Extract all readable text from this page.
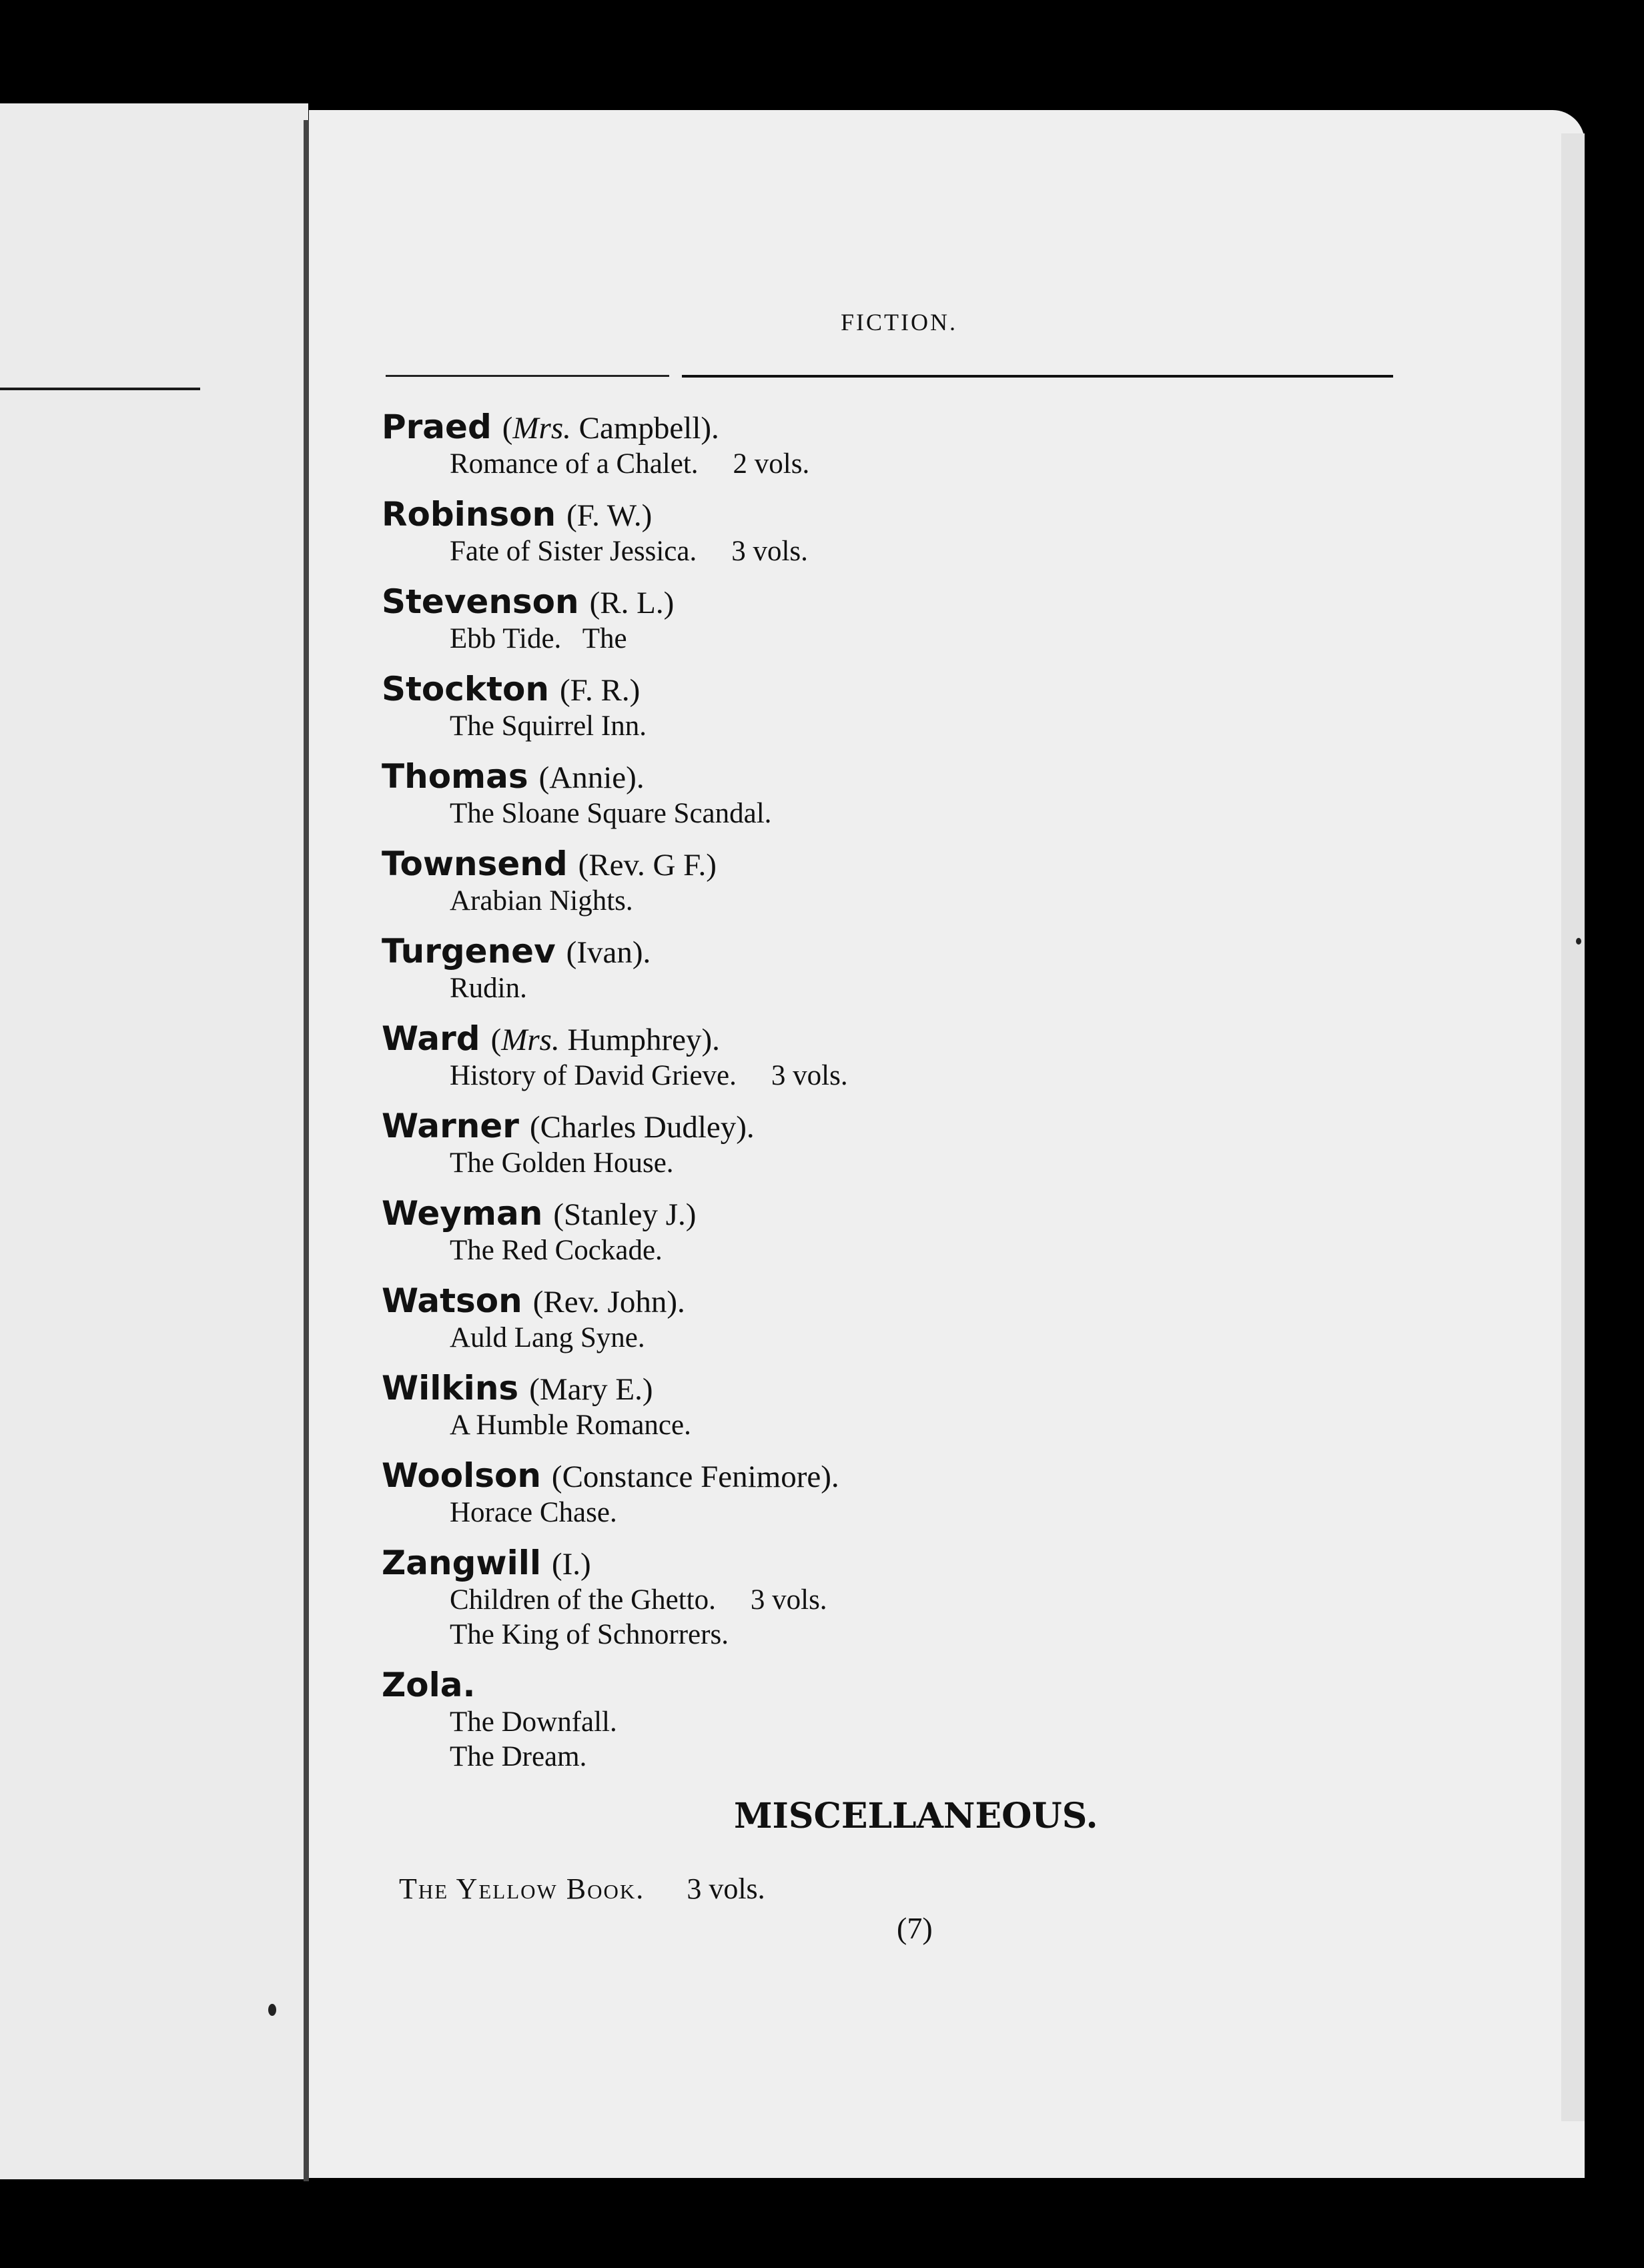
FICTION.
Praed (Mrs. Campbell).
Romance of a Chalet. 2 vols.
Robinson (F. W.)
Fate of Sister Jessica. 3 vols.
Stevenson (R. L.)
Ebb Tide.   The
Stockton (F. R.)
The Squirrel Inn.
Thomas (Annie).
The Sloane Square Scandal.
Townsend (Rev. G F.)
Arabian Nights.
Turgenev (Ivan).
Rudin.
Ward (Mrs. Humphrey).
History of David Grieve. 3 vols.
Warner (Charles Dudley).
The Golden House.
Weyman (Stanley J.)
The Red Cockade.
Watson (Rev. John).
Auld Lang Syne.
Wilkins (Mary E.)
A Humble Romance.
Woolson (Constance Fenimore).
Horace Chase.
Zangwill (I.)
Children of the Ghetto. 3 vols.
The King of Schnorrers.
Zola.
The Downfall.
The Dream.
MISCELLANEOUS.
The Yellow Book. 3 vols.
(7)
